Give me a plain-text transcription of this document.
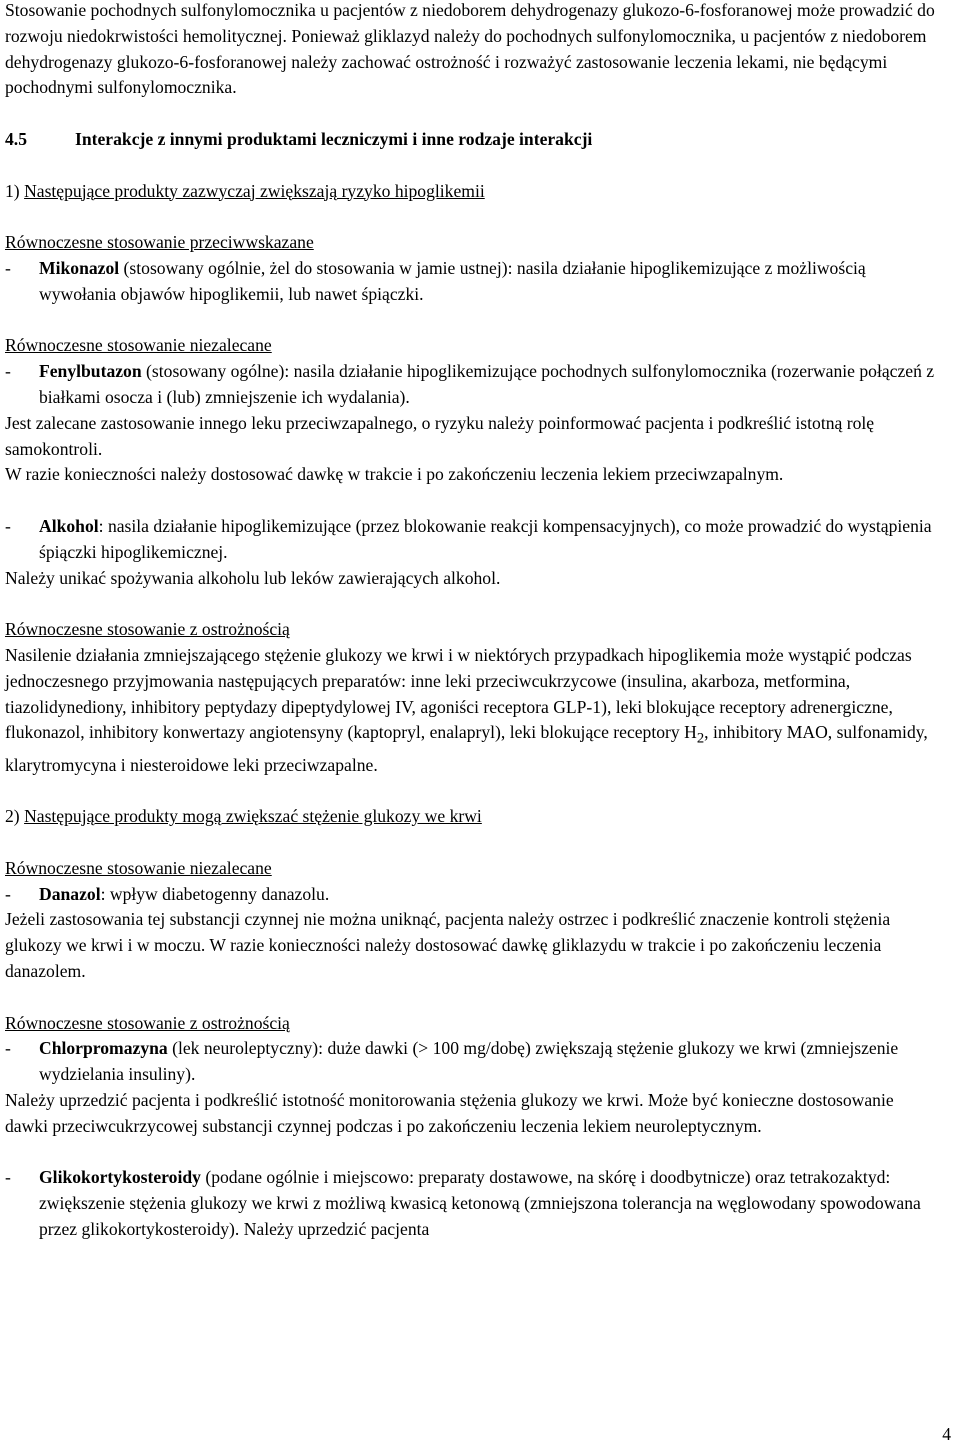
Stosowanie pochodnych sulfonylomocznika u pacjentów z niedoborem dehydrogenazy glukozo-6-fosforanowej może prowadzić do rozwoju niedokrwistości hemolitycznej. Ponieważ gliklazyd należy do pochodnych sulfonylomocznika, u pacjentów z niedoborem dehydrogenazy glukozo-6-fosforanowej należy zachować ostrożność i rozważyć zastosowanie leczenia lekami, nie będącymi pochodnymi sulfonylomocznika.

4.5	Interakcje z innymi produktami leczniczymi i inne rodzaje interakcji

1) Następujące produkty zazwyczaj zwiększają ryzyko hipoglikemii

Równoczesne stosowanie przeciwwskazane

-	Mikonazol (stosowany ogólnie, żel do stosowania w jamie ustnej): nasila działanie hipoglikemizujące z możliwością wywołania objawów hipoglikemii, lub nawet śpiączki.

Równoczesne stosowanie niezalecane

-	Fenylbutazon (stosowany ogólne): nasila działanie hipoglikemizujące pochodnych sulfonylomocznika (rozerwanie połączeń z białkami osocza i (lub) zmniejszenie ich wydalania).

Jest zalecane zastosowanie innego leku przeciwzapalnego, o ryzyku należy poinformować pacjenta i podkreślić istotną rolę samokontroli.

W razie konieczności należy dostosować dawkę w trakcie i po zakończeniu leczenia lekiem przeciwzapalnym.

-	Alkohol: nasila działanie hipoglikemizujące (przez blokowanie reakcji kompensacyjnych), co może prowadzić do wystąpienia śpiączki hipoglikemicznej.

Należy unikać spożywania alkoholu lub leków zawierających alkohol.

Równoczesne stosowanie z ostrożnością

Nasilenie działania zmniejszającego stężenie glukozy we krwi i w niektórych przypadkach hipoglikemia może wystąpić podczas jednoczesnego przyjmowania następujących preparatów: inne leki przeciwcukrzycowe (insulina, akarboza, metformina, tiazolidynediony, inhibitory peptydazy dipeptydylowej IV, agoniści receptora GLP-1), leki blokujące receptory adrenergiczne, flukonazol, inhibitory konwertazy angiotensyny (kaptopryl, enalapryl), leki blokujące receptory $H_2$, inhibitory MAO, sulfonamidy, klarytromycyna i niesteroidowe leki przeciwzapalne.

2) Następujące produkty mogą zwiększać stężenie glukozy we krwi

Równoczesne stosowanie niezalecane

-	Danazol: wpływ diabetogenny danazolu.

Jeżeli zastosowania tej substancji czynnej nie można uniknąć, pacjenta należy ostrzec i podkreślić znaczenie kontroli stężenia glukozy we krwi i w moczu. W razie konieczności należy dostosować dawkę gliklazydu w trakcie i po zakończeniu leczenia danazolem.

Równoczesne stosowanie z ostrożnością

-	Chlorpromazyna (lek neuroleptyczny): duże dawki (> 100 mg/dobę) zwiększają stężenie glukozy we krwi (zmniejszenie wydzielania insuliny).

Należy uprzedzić pacjenta i podkreślić istotność monitorowania stężenia glukozy we krwi. Może być konieczne dostosowanie dawki przeciwcukrzycowej substancji czynnej podczas i po zakończeniu leczenia lekiem neuroleptycznym.

-	Glikokortykosteroidy (podane ogólnie i miejscowo: preparaty dostawowe, na skórę i doodbytnicze) oraz tetrakozaktyd: zwiększenie stężenia glukozy we krwi z możliwą kwasicą ketonową (zmniejszona tolerancja na węglowodany spowodowana przez glikokortykosteroidy). Należy uprzedzić pacjenta
4
